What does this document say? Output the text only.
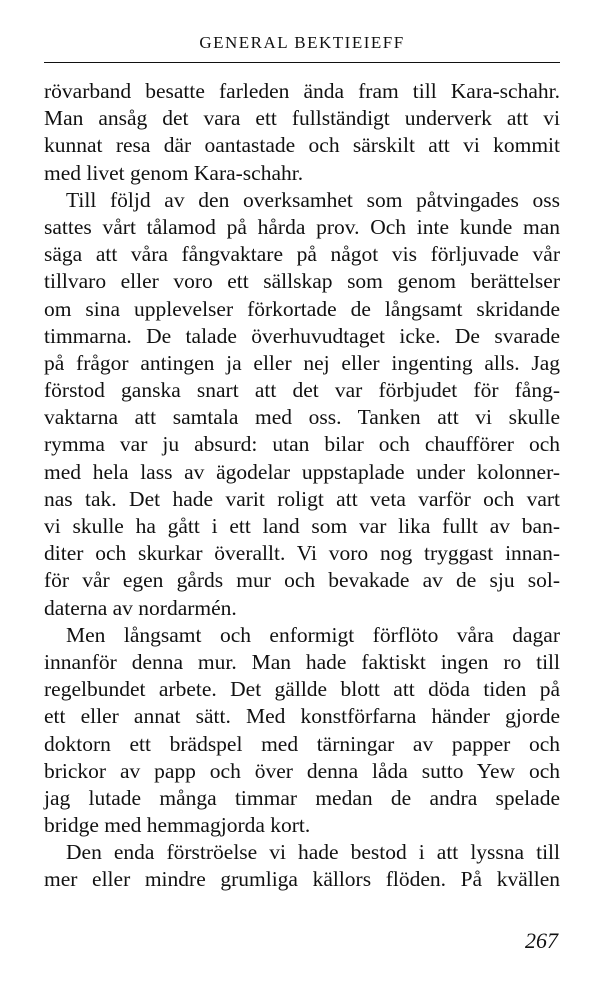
GENERAL BEKTIEIEFF
rövarband besatte farleden ända fram till Kara-schahr.
Man ansåg det vara ett fullständigt underverk att vi
kunnat resa där oantastade och särskilt att vi kommit
med livet genom Kara-schahr.
Till följd av den overksamhet som påtvingades oss
sattes vårt tålamod på hårda prov. Och inte kunde man
säga att våra fångvaktare på något vis förljuvade vår
tillvaro eller voro ett sällskap som genom berättelser
om sina upplevelser förkortade de långsamt skridande
timmarna. De talade överhuvudtaget icke. De svarade
på frågor antingen ja eller nej eller ingenting alls. Jag
förstod ganska snart att det var förbjudet för fång-
vaktarna att samtala med oss. Tanken att vi skulle
rymma var ju absurd: utan bilar och chaufförer och
med hela lass av ägodelar uppstaplade under kolonner-
nas tak. Det hade varit roligt att veta varför och vart
vi skulle ha gått i ett land som var lika fullt av ban-
diter och skurkar överallt. Vi voro nog tryggast innan-
för vår egen gårds mur och bevakade av de sju sol-
daterna av nordarmén.
Men långsamt och enformigt förflöto våra dagar
innanför denna mur. Man hade faktiskt ingen ro till
regelbundet arbete. Det gällde blott att döda tiden på
ett eller annat sätt. Med konstförfarna händer gjorde
doktorn ett brädspel med tärningar av papper och
brickor av papp och över denna låda sutto Yew och
jag lutade många timmar medan de andra spelade
bridge med hemmagjorda kort.
Den enda förströelse vi hade bestod i att lyssna till
mer eller mindre grumliga källors flöden. På kvällen
267
